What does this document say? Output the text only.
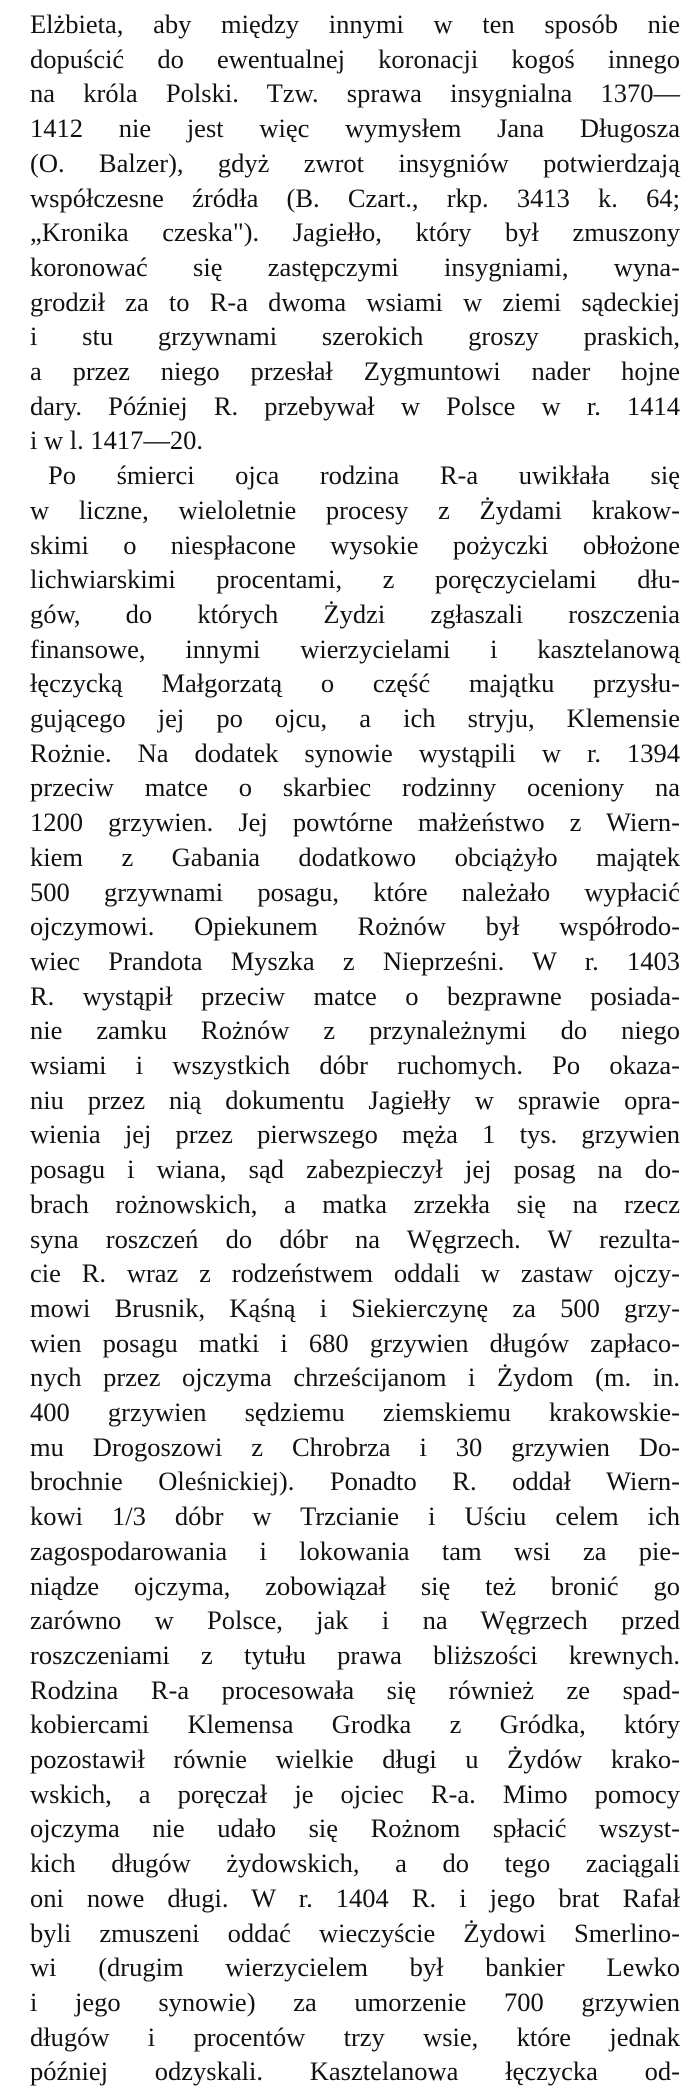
Elżbieta, aby między innymi w ten sposób nie
dopuścić do ewentualnej koronacji kogoś innego
na króla Polski. Tzw. sprawa insygnialna 1370—
1412 nie jest więc wymysłem Jana Długosza
(O. Balzer), gdyż zwrot insygniów potwierdzają
współczesne źródła (B. Czart., rkp. 3413 k. 64;
„Kronika czeska"). Jagiełło, który był zmuszony
koronować się zastępczymi insygniami, wyna-
grodził za to R-a dwoma wsiami w ziemi sądeckiej
i stu grzywnami szerokich groszy praskich,
a przez niego przesłał Zygmuntowi nader hojne
dary. Później R. przebywał w Polsce w r. 1414
i w l. 1417—20.
Po śmierci ojca rodzina R-a uwikłała się
w liczne, wieloletnie procesy z Żydami krakow-
skimi o niespłacone wysokie pożyczki obłożone
lichwiarskimi procentami, z poręczycielami dłu-
gów, do których Żydzi zgłaszali roszczenia
finansowe, innymi wierzycielami i kasztelanową
łęczycką Małgorzatą o część majątku przysłu-
gującego jej po ojcu, a ich stryju, Klemensie
Rożnie. Na dodatek synowie wystąpili w r. 1394
przeciw matce o skarbiec rodzinny oceniony na
1200 grzywien. Jej powtórne małżeństwo z Wiern-
kiem z Gabania dodatkowo obciążyło majątek
500 grzywnami posagu, które należało wypłacić
ojczymowi. Opiekunem Rożnów był współrodo-
wiec Prandota Myszka z Nieprześni. W r. 1403
R. wystąpił przeciw matce o bezprawne posiada-
nie zamku Rożnów z przynależnymi do niego
wsiami i wszystkich dóbr ruchomych. Po okaza-
niu przez nią dokumentu Jagiełły w sprawie opra-
wienia jej przez pierwszego męża 1 tys. grzywien
posagu i wiana, sąd zabezpieczył jej posag na do-
brach rożnowskich, a matka zrzekła się na rzecz
syna roszczeń do dóbr na Węgrzech. W rezulta-
cie R. wraz z rodzeństwem oddali w zastaw ojczy-
mowi Brusnik, Kąśną i Siekierczynę za 500 grzy-
wien posagu matki i 680 grzywien długów zapłaco-
nych przez ojczyma chrześcijanom i Żydom (m. in.
400 grzywien sędziemu ziemskiemu krakowskie-
mu Drogoszowi z Chrobrza i 30 grzywien Do-
brochnie Oleśnickiej). Ponadto R. oddał Wiern-
kowi 1/3 dóbr w Trzcianie i Uściu celem ich
zagospodarowania i lokowania tam wsi za pie-
niądze ojczyma, zobowiązał się też bronić go
zarówno w Polsce, jak i na Węgrzech przed
roszczeniami z tytułu prawa bliższości krewnych.
Rodzina R-a procesowała się również ze spad-
kobiercami Klemensa Grodka z Gródka, który
pozostawił równie wielkie długi u Żydów krako-
wskich, a poręczał je ojciec R-a. Mimo pomocy
ojczyma nie udało się Rożnom spłacić wszyst-
kich długów żydowskich, a do tego zaciągali
oni nowe długi. W r. 1404 R. i jego brat Rafał
byli zmuszeni oddać wieczyście Żydowi Smerlino-
wi (drugim wierzycielem był bankier Lewko
i jego synowie) za umorzenie 700 grzywien
długów i procentów trzy wsie, które jednak
później odzyskali. Kasztelanowa łęczycka od-
